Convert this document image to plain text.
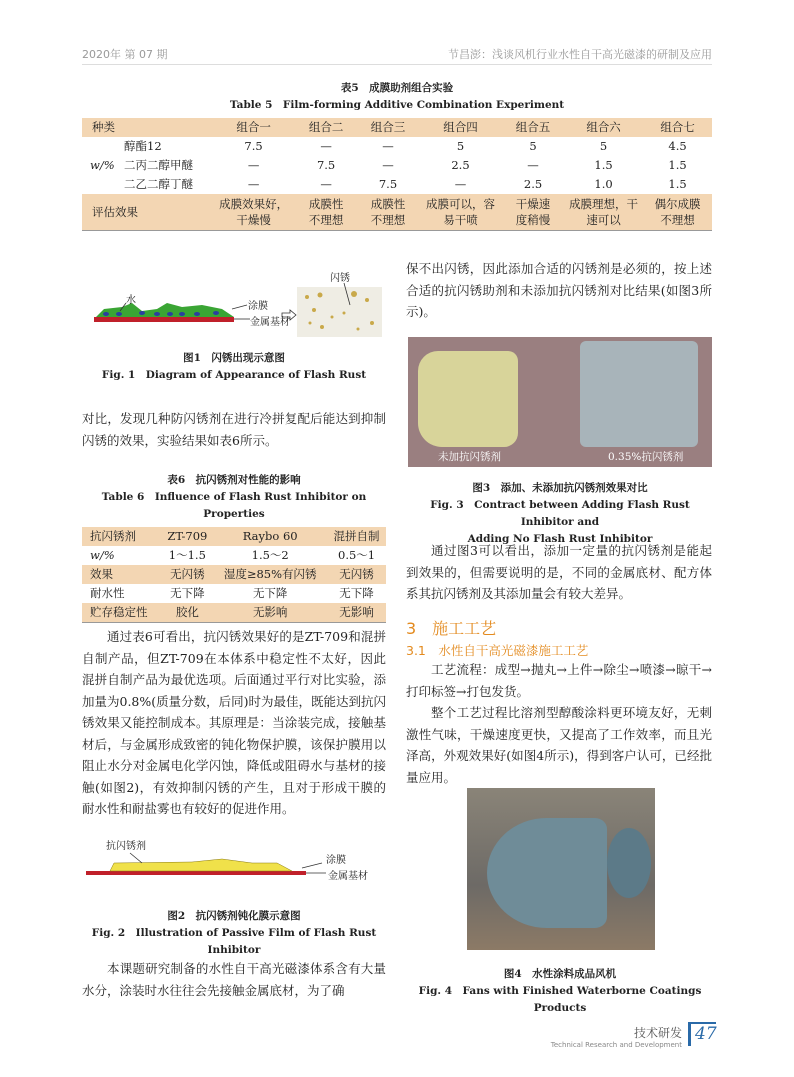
2020年 第 07 期	节昌澎：浅谈风机行业水性自干高光磁漆的研制及应用
表5　成膜助剂组合实验
Table 5　Film-forming Additive Combination Experiment
种类		组合一	组合二	组合三	组合四	组合五	组合六	组合七
w/%	醇酯12	7.5	—	—	5	5	5	4.5
	二丙二醇甲醚	—	7.5	—	2.5	—	1.5	1.5
	二乙二醇丁醚	—	—	7.5	—	2.5	1.0	1.5
评估效果		成膜效果好，干燥慢	成膜性不理想	成膜性不理想	成膜可以，容易干喷	干燥速度稍慢	成膜理想，干速可以	偶尔成膜不理想
水
涂膜
金属基材
闪锈
图1　闪锈出现示意图
Fig. 1　Diagram of Appearance of Flash Rust
对比，发现几种防闪锈剂在进行冷拼复配后能达到抑制闪锈的效果，实验结果如表6所示。
表6　抗闪锈剂对性能的影响
Table 6　Influence of Flash Rust Inhibitor on Properties
抗闪锈剂	ZT-709	Raybo 60	混拼自制
w/%	1～1.5	1.5～2	0.5～1
效果	无闪锈	湿度≥85%有闪锈	无闪锈
耐水性	无下降	无下降	无下降
贮存稳定性	胶化	无影响	无影响
通过表6可看出，抗闪锈效果好的是ZT-709和混拼自制产品，但ZT-709在本体系中稳定性不太好，因此混拼自制产品为最优选项。后面通过平行对比实验，添加量为0.8%(质量分数，后同)时为最佳，既能达到抗闪锈效果又能控制成本。其原理是：当涂装完成，接触基材后，与金属形成致密的钝化物保护膜，该保护膜用以阻止水分对金属电化学闪蚀，降低或阻碍水与基材的接触(如图2)，有效抑制闪锈的产生，且对于形成干膜的耐水性和耐盐雾也有较好的促进作用。
抗闪锈剂
涂膜
金属基材
图2　抗闪锈剂钝化膜示意图
Fig. 2　Illustration of Passive Film of Flash Rust Inhibitor
本课题研究制备的水性自干高光磁漆体系含有大量水分，涂装时水往往会先接触金属底材，为了确
保不出闪锈，因此添加合适的闪锈剂是必须的，按上述合适的抗闪锈助剂和未添加抗闪锈剂对比结果(如图3所示)。
未加抗闪锈剂	0.35%抗闪锈剂
图3　添加、未添加抗闪锈剂效果对比
Fig. 3　Contract between Adding Flash Rust Inhibitor and
Adding No Flash Rust Inhibitor
通过图3可以看出，添加一定量的抗闪锈剂是能起到效果的，但需要说明的是，不同的金属底材、配方体系其抗闪锈剂及其添加量会有较大差异。
3　施工工艺
3.1　水性自干高光磁漆施工工艺
工艺流程：成型→抛丸→上件→除尘→喷漆→晾干→打印标签→打包发货。
整个工艺过程比溶剂型醇酸涂料更环境友好，无刺激性气味，干燥速度更快，又提高了工作效率，而且光泽高，外观效果好(如图4所示)，得到客户认可，已经批量应用。
图4　水性涂料成品风机
Fig. 4　Fans with Finished Waterborne Coatings Products
技术研发
Technical Research and Development
47
